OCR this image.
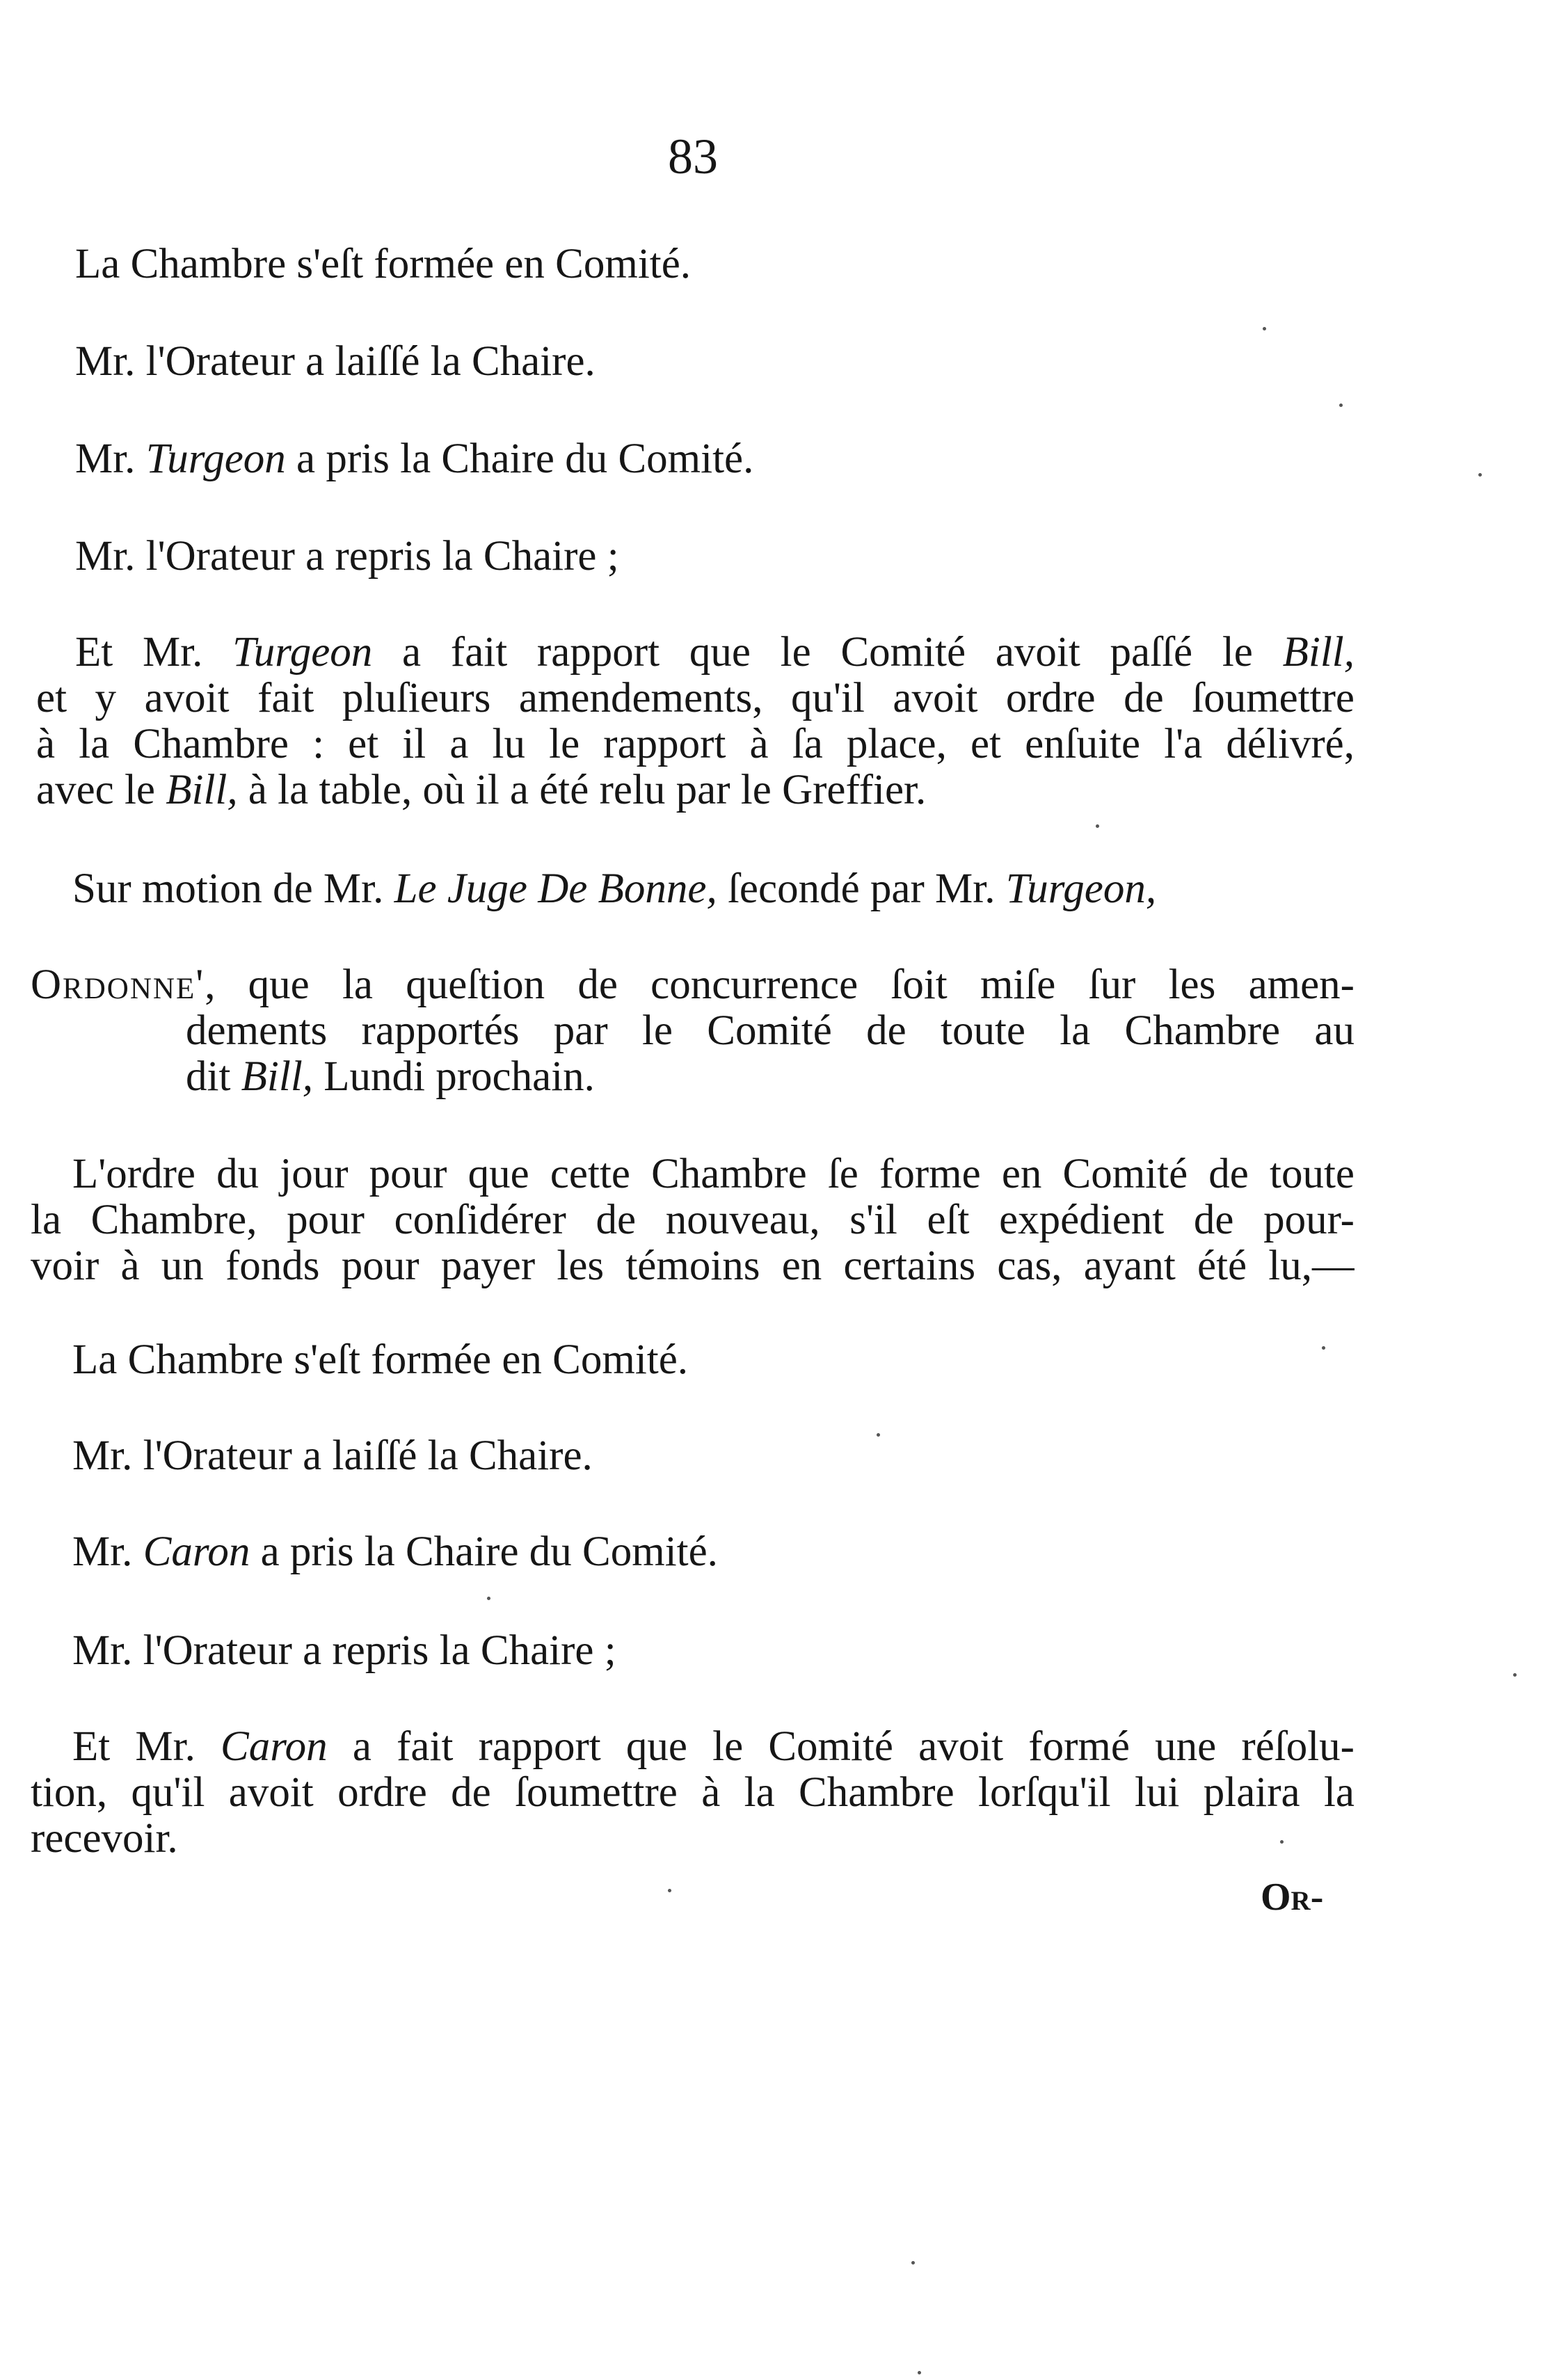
83
La Chambre s'eſt formée en Comité.
Mr. l'Orateur a laiſſé la Chaire.
Mr. Turgeon a pris la Chaire du Comité.
Mr. l'Orateur a repris la Chaire ;
Et Mr. Turgeon a fait rapport que le Comité avoit paſſé le Bill,
et y avoit fait pluſieurs amendements, qu'il avoit ordre de ſoumettre
à la Chambre : et il a lu le rapport à ſa place, et enſuite l'a délivré,
avec le Bill, à la table, où il a été relu par le Greffier.
Sur motion de Mr. Le Juge De Bonne, ſecondé par Mr. Turgeon,
Ordonne', que la queſtion de concurrence ſoit miſe ſur les amen-
dements rapportés par le Comité de toute la Chambre au
dit Bill, Lundi prochain.
L'ordre du jour pour que cette Chambre ſe forme en Comité de toute
la Chambre, pour conſidérer de nouveau, s'il eſt expédient de pour-
voir à un fonds pour payer les témoins en certains cas, ayant été lu,—
La Chambre s'eſt formée en Comité.
Mr. l'Orateur a laiſſé la Chaire.
Mr. Caron a pris la Chaire du Comité.
Mr. l'Orateur a repris la Chaire ;
Et Mr. Caron a fait rapport que le Comité avoit formé une réſolu-
tion, qu'il avoit ordre de ſoumettre à la Chambre lorſqu'il lui plaira la
recevoir.
Or-
